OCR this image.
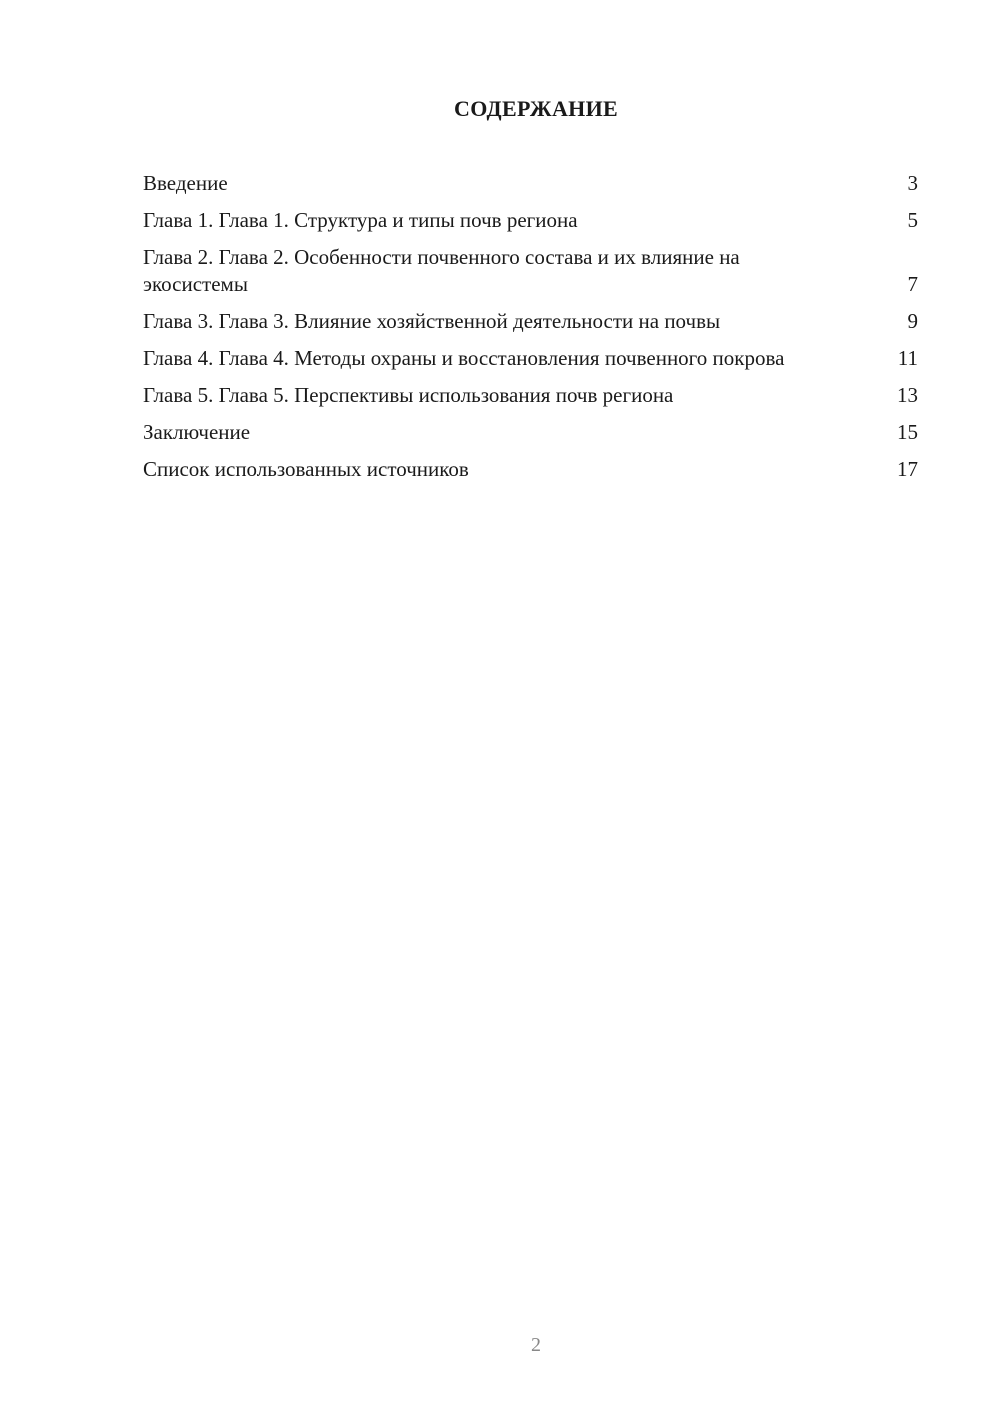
СОДЕРЖАНИЕ
Введение	3
Глава 1. Глава 1. Структура и типы почв региона	5
Глава 2. Глава 2. Особенности почвенного состава и их влияние на экосистемы	7
Глава 3. Глава 3. Влияние хозяйственной деятельности на почвы	9
Глава 4. Глава 4. Методы охраны и восстановления почвенного покрова	11
Глава 5. Глава 5. Перспективы использования почв региона	13
Заключение	15
Список использованных источников	17
2
